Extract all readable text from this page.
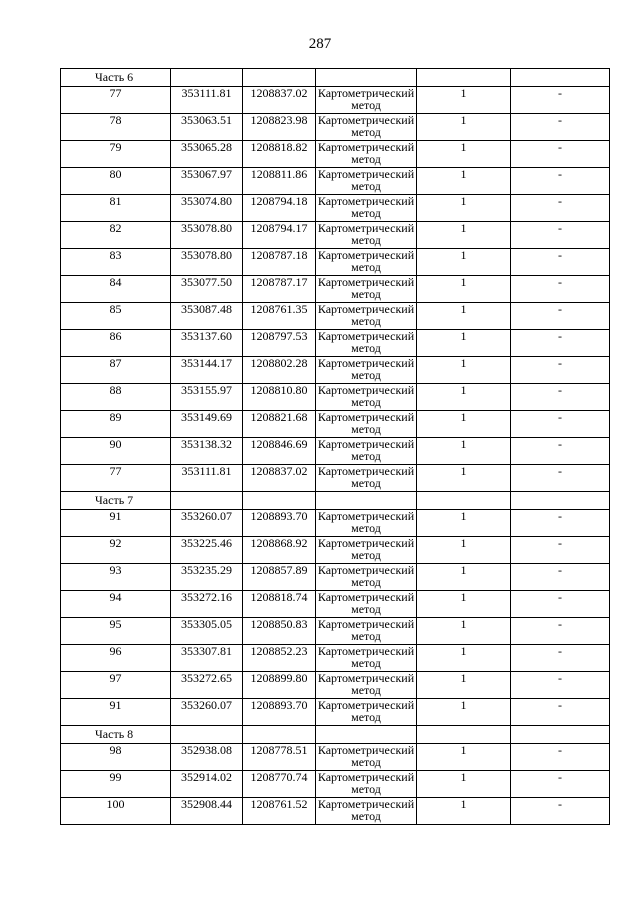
287
Часть 6					
77	353111.81	1208837.02	Картометрический метод	1	-
78	353063.51	1208823.98	Картометрический метод	1	-
79	353065.28	1208818.82	Картометрический метод	1	-
80	353067.97	1208811.86	Картометрический метод	1	-
81	353074.80	1208794.18	Картометрический метод	1	-
82	353078.80	1208794.17	Картометрический метод	1	-
83	353078.80	1208787.18	Картометрический метод	1	-
84	353077.50	1208787.17	Картометрический метод	1	-
85	353087.48	1208761.35	Картометрический метод	1	-
86	353137.60	1208797.53	Картометрический метод	1	-
87	353144.17	1208802.28	Картометрический метод	1	-
88	353155.97	1208810.80	Картометрический метод	1	-
89	353149.69	1208821.68	Картометрический метод	1	-
90	353138.32	1208846.69	Картометрический метод	1	-
77	353111.81	1208837.02	Картометрический метод	1	-
Часть 7					
91	353260.07	1208893.70	Картометрический метод	1	-
92	353225.46	1208868.92	Картометрический метод	1	-
93	353235.29	1208857.89	Картометрический метод	1	-
94	353272.16	1208818.74	Картометрический метод	1	-
95	353305.05	1208850.83	Картометрический метод	1	-
96	353307.81	1208852.23	Картометрический метод	1	-
97	353272.65	1208899.80	Картометрический метод	1	-
91	353260.07	1208893.70	Картометрический метод	1	-
Часть 8					
98	352938.08	1208778.51	Картометрический метод	1	-
99	352914.02	1208770.74	Картометрический метод	1	-
100	352908.44	1208761.52	Картометрический метод	1	-
